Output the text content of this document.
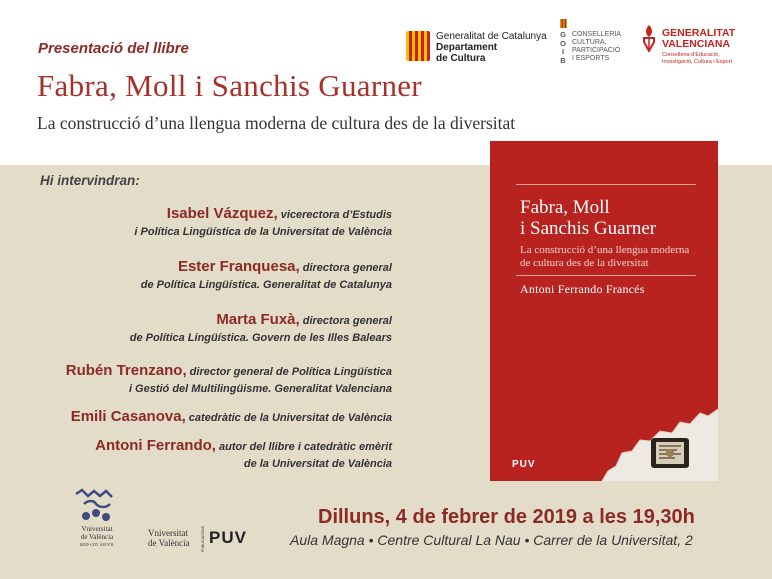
Presentació del llibre
Fabra, Moll i Sanchis Guarner
La construcció d’una llengua moderna de cultura des de la diversitat
Generalitat de Catalunya
Departament
de Cultura
G
O
I
B
CONSELLERIA
CULTURA,
PARTICIPACIÓ
I ESPORTS
GENERALITAT
VALENCIANA
Conselleria d’Educació,
Investigació, Cultura i Esport
Hi intervindran:
Isabel Vázquez, vicerectora d’Estudis
i Política Lingüística de la Universitat de València
Ester Franquesa, directora general
de Política Lingüística. Generalitat de Catalunya
Marta Fuxà, directora general
de Política Lingüística. Govern de les Illes Balears
Rubén Trenzano, director general de Política Lingüística
i Gestió del Multilingüisme. Generalitat Valenciana
Emili Casanova, catedràtic de la Universitat de València
Antoni Ferrando, autor del llibre i catedràtic emèrit
de la Universitat de València
Fabra, Moll
i Sanchis Guarner
La construcció d’una llengua moderna
de cultura des de la diversitat
Antoni Ferrando Francés
PUV
Vniversitat
de València
500+20 ANYS
Vniversitat
de València	PUBLICACIONS PUV
Dilluns, 4 de febrer de 2019 a les 19,30h
Aula Magna • Centre Cultural La Nau • Carrer de la Universitat, 2
